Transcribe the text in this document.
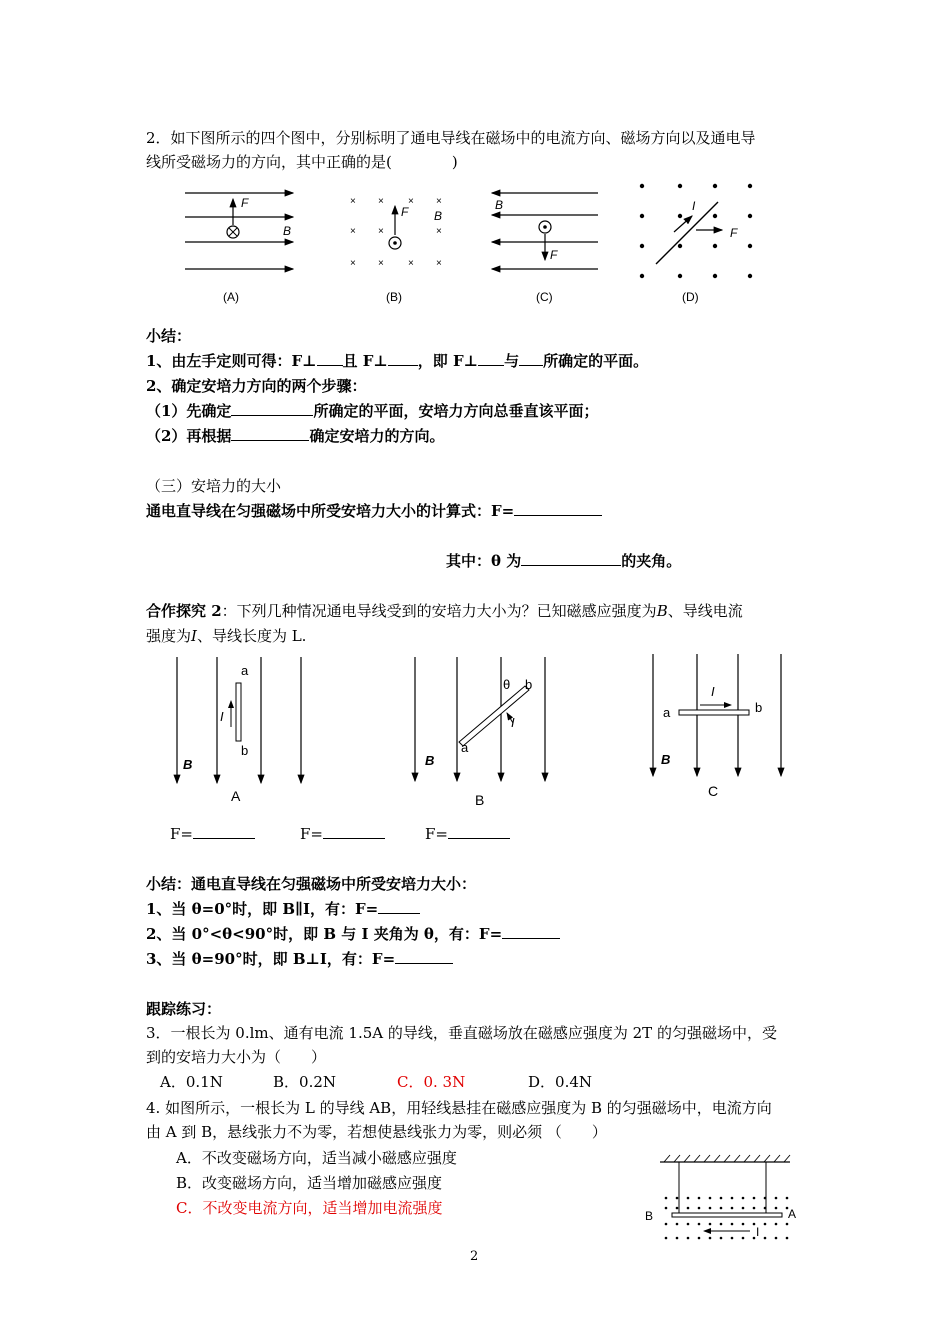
2．如下图所示的四个图中，分别标明了通电导线在磁场中的电流方向、磁场方向以及通电导
线所受磁场力的方向，其中正确的是(　　　　)
F
B
(A)
× × × ×
× ×	×
× × × ×
F B
(B)
B
F
(C)
I
F
(D)
小结：
1、由左手定则可得：F⊥ 且 F⊥ ，即 F⊥ 与 所确定的平面。
2、确定安培力方向的两个步骤：
（1）先确定	所确定的平面，安培力方向总垂直该平面；
（2）再根据	确定安培力的方向。
（三）安培力的大小
通电直导线在匀强磁场中所受安培力大小的计算式：F=
其中：θ 为	的夹角。
合作探究 2：下列几种情况通电导线受到的安培力大小为？已知磁感应强度为B、导线电流
强度为I、导线长度为 L.
a
b
I
B
A
θ b
a
I
B
B
I
a	b
B
C
F=	F=	F=
小结：通电直导线在匀强磁场中所受安培力大小：
1、当 θ=0°时，即 B∥I，有：F=
2、当 0°<θ<90°时，即 B 与 I 夹角为 θ，有：F=
3、当 θ=90°时，即 B⊥I，有：F=
跟踪练习：
3．一根长为 0.lm、通有电流 1.5A 的导线，垂直磁场放在磁感应强度为 2T 的匀强磁场中，受
到的安培力大小为（　　）
A．0.1N	B．0.2N	C．0. 3N	D．0.4N
4. 如图所示，一根长为 L 的导线 AB，用轻线悬挂在磁感应强度为 B 的匀强磁场中，电流方向
由 A 到 B，悬线张力不为零，若想使悬线张力为零，则必须 （　　）
A．不改变磁场方向，适当减小磁感应强度
B．改变磁场方向，适当增加磁感应强度
C．不改变电流方向，适当增加电流强度	B	A
I
2
